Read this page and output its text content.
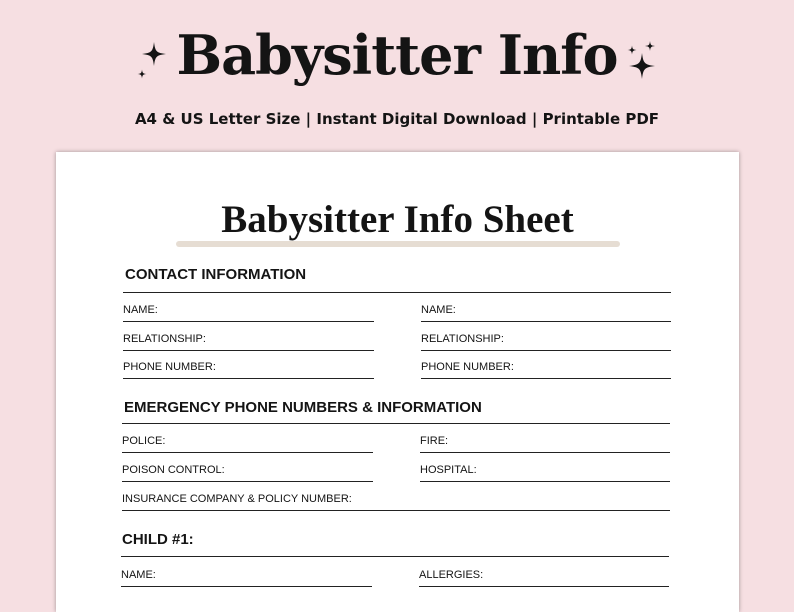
Babysitter Info

A4 & US Letter Size | Instant Digital Download | Printable PDF

Babysitter Info Sheet
CONTACT INFORMATION
NAME:	NAME:
RELATIONSHIP:	RELATIONSHIP:
PHONE NUMBER:	PHONE NUMBER:
EMERGENCY PHONE NUMBERS & INFORMATION
POLICE:	FIRE:
POISON CONTROL:	HOSPITAL:
INSURANCE COMPANY & POLICY NUMBER:
CHILD #1:
NAME:	ALLERGIES:
